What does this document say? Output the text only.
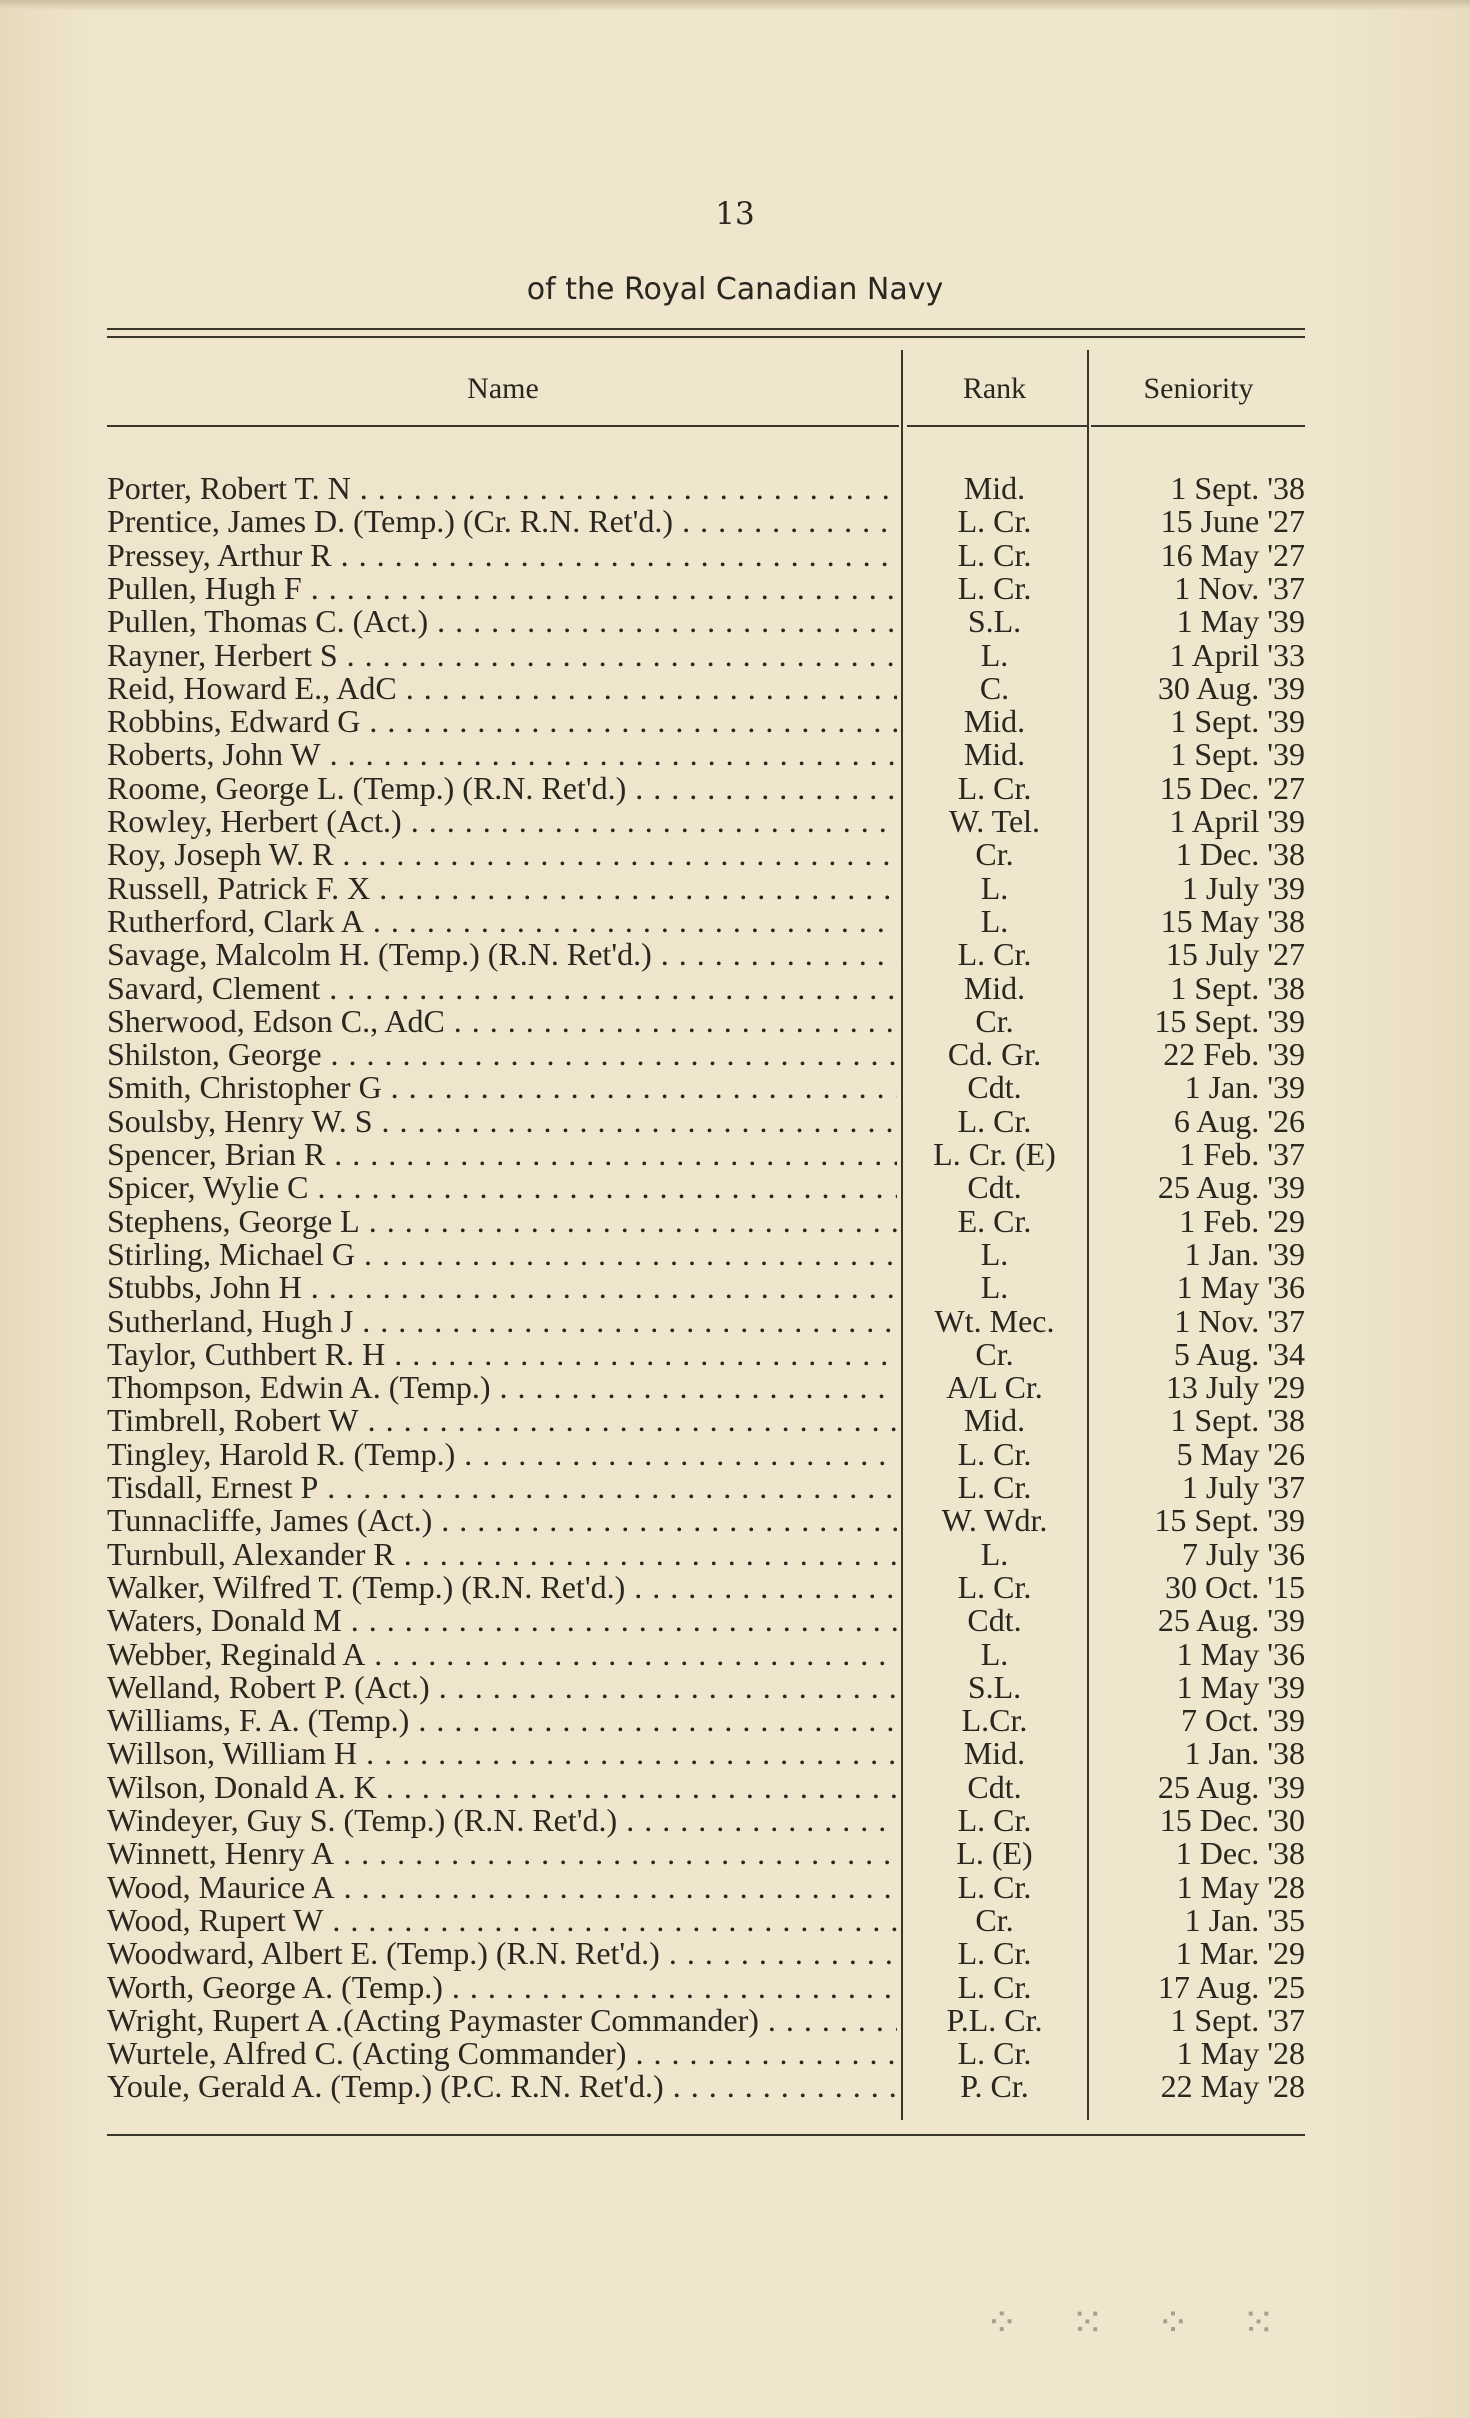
13
of the Royal Canadian Navy
Name	Rank	Seniority
Porter, Robert T. N . . .	Mid.	1 Sept. '38
Prentice, James D. (Temp.) (Cr. R.N. Ret'd.) . . .	L. Cr.	15 June '27
Pressey, Arthur R . . .	L. Cr.	16 May '27
Pullen, Hugh F . . .	L. Cr.	1 Nov. '37
Pullen, Thomas C. (Act.) . . .	S.L.	1 May '39
Rayner, Herbert S . . .	L.	1 April '33
Reid, Howard E., AdC . . .	C.	30 Aug. '39
Robbins, Edward G . . .	Mid.	1 Sept. '39
Roberts, John W . . .	Mid.	1 Sept. '39
Roome, George L. (Temp.) (R.N. Ret'd.) . . .	L. Cr.	15 Dec. '27
Rowley, Herbert (Act.) . . .	W. Tel.	1 April '39
Roy, Joseph W. R . . .	Cr.	1 Dec. '38
Russell, Patrick F. X . . .	L.	1 July '39
Rutherford, Clark A . . .	L.	15 May '38
Savage, Malcolm H. (Temp.) (R.N. Ret'd.) . . .	L. Cr.	15 July '27
Savard, Clement . . .	Mid.	1 Sept. '38
Sherwood, Edson C., AdC . . .	Cr.	15 Sept. '39
Shilston, George . . .	Cd. Gr.	22 Feb. '39
Smith, Christopher G . . .	Cdt.	1 Jan. '39
Soulsby, Henry W. S . . .	L. Cr.	6 Aug. '26
Spencer, Brian R . . .	L. Cr. (E)	1 Feb. '37
Spicer, Wylie C . . .	Cdt.	25 Aug. '39
Stephens, George L . . .	E. Cr.	1 Feb. '29
Stirling, Michael G . . .	L.	1 Jan. '39
Stubbs, John H . . .	L.	1 May '36
Sutherland, Hugh J . . .	Wt. Mec.	1 Nov. '37
Taylor, Cuthbert R. H . . .	Cr.	5 Aug. '34
Thompson, Edwin A. (Temp.) . . .	A/L Cr.	13 July '29
Timbrell, Robert W . . .	Mid.	1 Sept. '38
Tingley, Harold R. (Temp.) . . .	L. Cr.	5 May '26
Tisdall, Ernest P . . .	L. Cr.	1 July '37
Tunnacliffe, James (Act.) . . .	W. Wdr.	15 Sept. '39
Turnbull, Alexander R . . .	L.	7 July '36
Walker, Wilfred T. (Temp.) (R.N. Ret'd.) . . .	L. Cr.	30 Oct. '15
Waters, Donald M . . .	Cdt.	25 Aug. '39
Webber, Reginald A . . .	L.	1 May '36
Welland, Robert P. (Act.) . . .	S.L.	1 May '39
Williams, F. A. (Temp.) . . .	L.Cr.	7 Oct. '39
Willson, William H . . .	Mid.	1 Jan. '38
Wilson, Donald A. K . . .	Cdt.	25 Aug. '39
Windeyer, Guy S. (Temp.) (R.N. Ret'd.) . . .	L. Cr.	15 Dec. '30
Winnett, Henry A . . .	L. (E)	1 Dec. '38
Wood, Maurice A . . .	L. Cr.	1 May '28
Wood, Rupert W . . .	Cr.	1 Jan. '35
Woodward, Albert E. (Temp.) (R.N. Ret'd.) . . .	L. Cr.	1 Mar. '29
Worth, George A. (Temp.) . . .	L. Cr.	17 Aug. '25
Wright, Rupert A .(Acting Paymaster Commander) . . .	P.L. Cr.	1 Sept. '37
Wurtele, Alfred C. (Acting Commander) . . .	L. Cr.	1 May '28
Youle, Gerald A. (Temp.) (P.C. R.N. Ret'd.) . . .	P. Cr.	22 May '28
⁘ ⁙ ⁘ ⁙
